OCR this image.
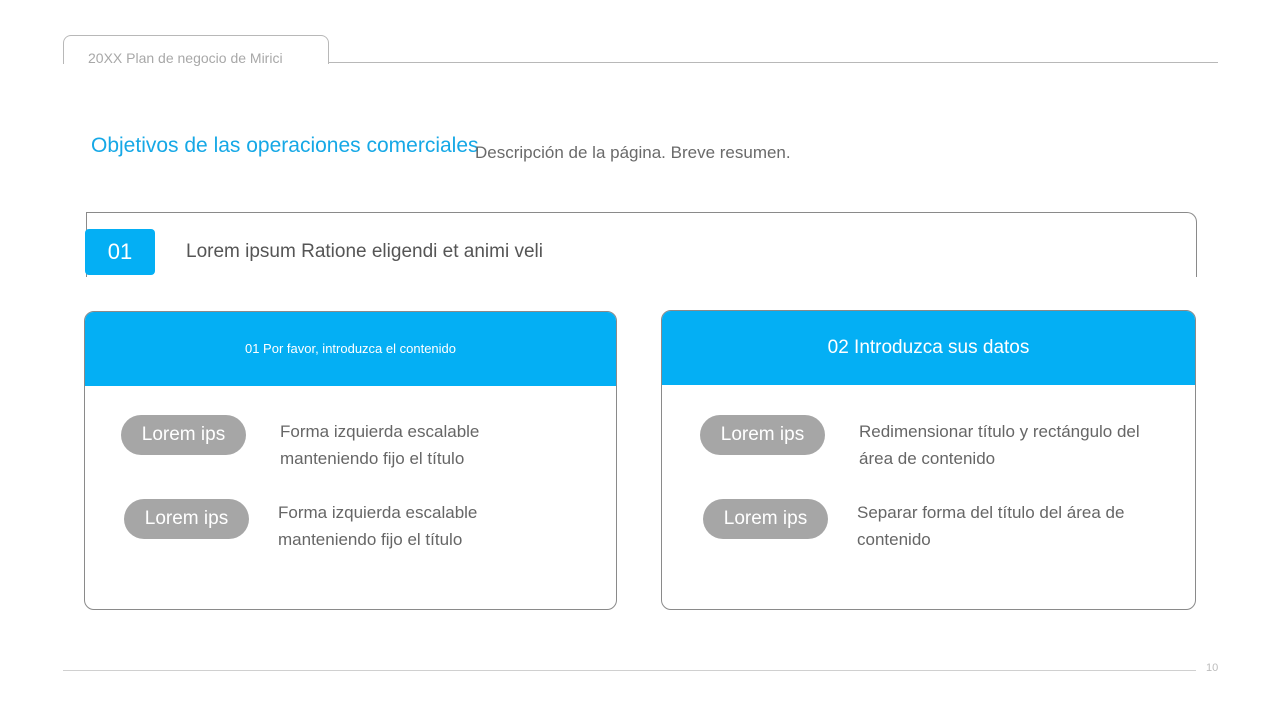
20XX Plan de negocio de Mirici
Objetivos de las operaciones comerciales
Descripción de la página. Breve resumen.
01	Lorem ipsum Ratione eligendi et animi veli
01 Por favor, introduzca el contenido
Lorem ips	Forma izquierda escalable
manteniendo fijo el título
Lorem ips	Forma izquierda escalable
manteniendo fijo el título
02 Introduzca sus datos
Lorem ips	Redimensionar título y rectángulo del
área de contenido
Lorem ips	Separar forma del título del área de
contenido
10
